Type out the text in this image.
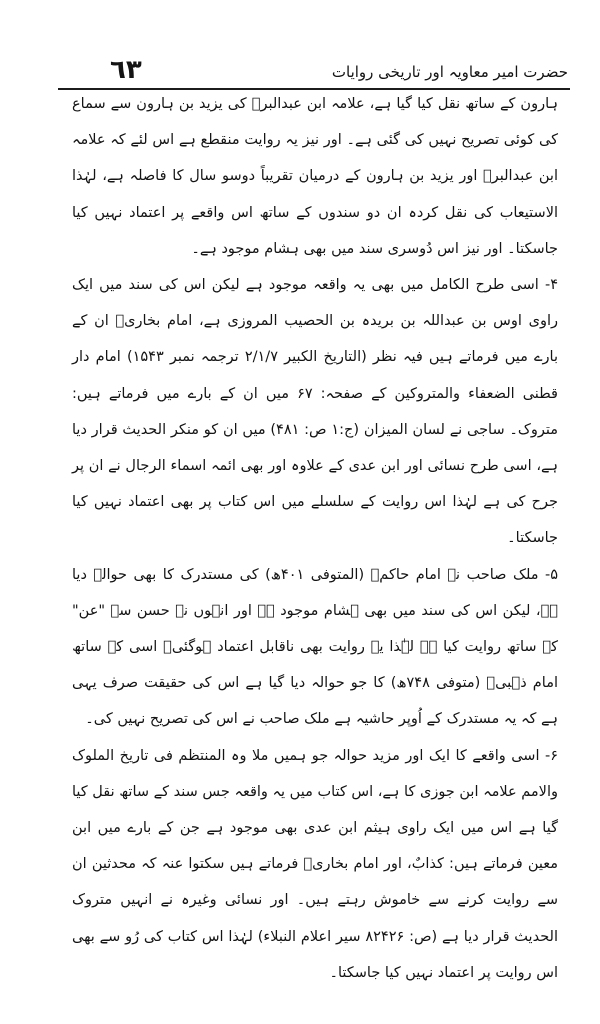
٦٣	حضرت امیر معاویہ اور تاریخی روایات

ہارون کے ساتھ نقل کیا گیا ہے، علامہ ابن عبدالبرؒ کی یزید بن ہارون سے سماع کی کوئی تصریح نہیں کی گئی ہے۔ اور نیز یہ روایت منقطع ہے اس لئے کہ علامہ ابن عبدالبرؒ اور یزید بن ہارون کے درمیان تقریباً دوسو سال کا فاصلہ ہے، لہٰذا الاستیعاب کی نقل کردہ ان دو سندوں کے ساتھ اس واقعے پر اعتماد نہیں کیا جاسکتا۔ اور نیز اس دُوسری سند میں بھی ہشام موجود ہے۔

۴- اسی طرح الکامل میں بھی یہ واقعہ موجود ہے لیکن اس کی سند میں ایک راوی اوس بن عبداللہ بن بریدہ بن الحصیب المروزی ہے، امام بخاریؒ ان کے بارے میں فرماتے ہیں فیہ نظر (التاریخ الکبیر ۲/۱/۷ ترجمہ نمبر ۱۵۴۳) امام دار قطنی الضعفاء والمتروکین کے صفحہ: ۶۷ میں ان کے بارے میں فرماتے ہیں: متروک۔ ساجی نے لسان المیزان (ج:۱ ص: ۴۸۱) میں ان کو منکر الحدیث قرار دیا ہے، اسی طرح نسائی اور ابن عدی کے علاوہ اور بھی ائمہ اسماء الرجال نے ان پر جرح کی ہے لہٰذا اس روایت کے سلسلے میں اس کتاب پر بھی اعتماد نہیں کیا جاسکتا۔

۵- ملک صاحب نے امام حاکمؒ (المتوفی ۴۰۱ھ) کی مستدرک کا بھی حوالہ دیا ہے، لیکن اس کی سند میں بھی ہشام موجود ہے اور انہوں نے حسن سے "عن" کے ساتھ روایت کیا ہے لہٰذا یہ روایت بھی ناقابل اعتماد ہوگئی۔ اسی کے ساتھ امام ذہبیؒ (متوفی ۷۴۸ھ) کا جو حوالہ دیا گیا ہے اس کی حقیقت صرف یہی ہے کہ یہ مستدرک کے اُوپر حاشیہ ہے ملک صاحب نے اس کی تصریح نہیں کی۔

۶- اسی واقعے کا ایک اور مزید حوالہ جو ہمیں ملا وہ المنتظم فی تاریخ الملوک والامم علامہ ابن جوزی کا ہے، اس کتاب میں یہ واقعہ جس سند کے ساتھ نقل کیا گیا ہے اس میں ایک راوی ہیثم ابن عدی بھی موجود ہے جن کے بارے میں ابن معین فرماتے ہیں: کذابٌ، اور امام بخاریؒ فرماتے ہیں سکتوا عنہ کہ محدثین ان سے روایت کرنے سے خاموش رہتے ہیں۔ اور نسائی وغیرہ نے انہیں متروک الحدیث قرار دیا ہے (ص: ۸۲۴۲۶ سیر اعلام النبلاء) لہٰذا اس کتاب کی رُو سے بھی اس روایت پر اعتماد نہیں کیا جاسکتا۔
